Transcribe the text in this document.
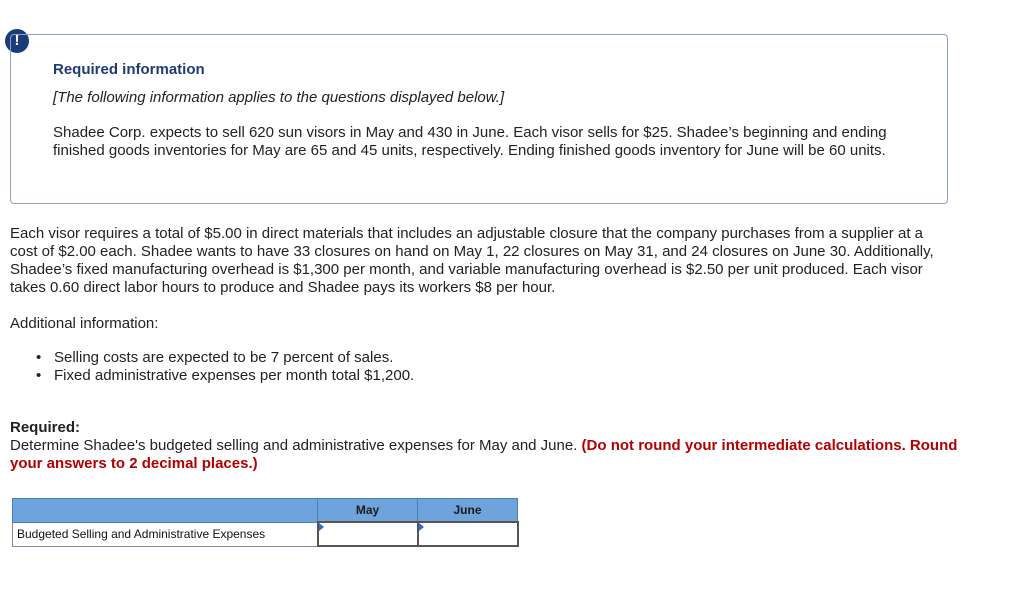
!
Required information
[The following information applies to the questions displayed below.]
Shadee Corp. expects to sell 620 sun visors in May and 430 in June. Each visor sells for $25. Shadee’s beginning and ending finished goods inventories for May are 65 and 45 units, respectively. Ending finished goods inventory for June will be 60 units.
Each visor requires a total of $5.00 in direct materials that includes an adjustable closure that the company purchases from a supplier at a cost of $2.00 each. Shadee wants to have 33 closures on hand on May 1, 22 closures on May 31, and 24 closures on June 30. Additionally, Shadee’s fixed manufacturing overhead is $1,300 per month, and variable manufacturing overhead is $2.50 per unit produced. Each visor takes 0.60 direct labor hours to produce and Shadee pays its workers $8 per hour.
Additional information:
• Selling costs are expected to be 7 percent of sales.
• Fixed administrative expenses per month total $1,200.
Required:
Determine Shadee's budgeted selling and administrative expenses for May and June. (Do not round your intermediate calculations. Round your answers to 2 decimal places.)
	May	June
Budgeted Selling and Administrative Expenses	
